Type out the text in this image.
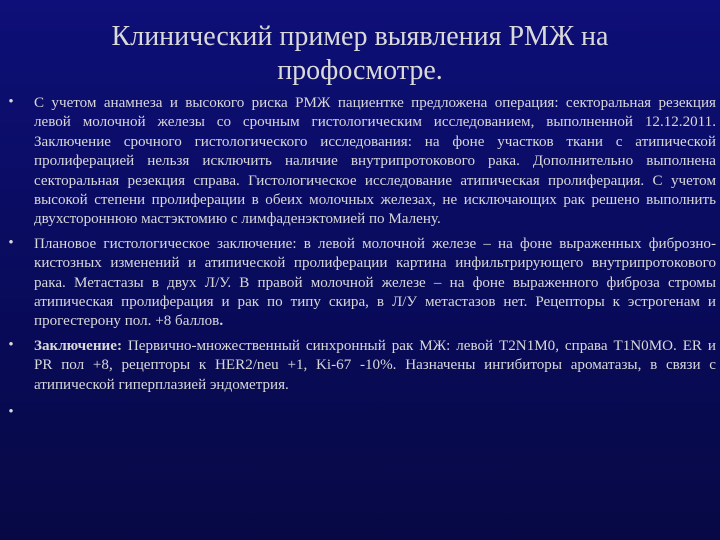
Клинический пример выявления РМЖ на
профосмотре.
• С учетом анамнеза и высокого риска РМЖ пациентке предложена операция: секторальная резекция левой молочной железы со срочным гистологическим исследованием, выполненной 12.12.2011. Заключение срочного гистологического исследования: на фоне участков ткани с атипической пролиферацией нельзя исключить наличие внутрипротокового рака. Дополнительно выполнена секторальная резекция справа. Гистологическое исследование атипическая пролиферация. С учетом высокой степени пролиферации в обеих молочных железах, не исключающих рак решено выполнить двухстороннюю мастэктомию с лимфаденэктомией по Малену.
• Плановое гистологическое заключение: в левой молочной железе – на фоне выраженных фиброзно-кистозных изменений и атипической пролиферации картина инфильтрирующего внутрипротокового рака. Метастазы в двух Л/У. В правой молочной железе – на фоне выраженного фиброза стромы атипическая пролиферация и рак по типу скира, в Л/У метастазов нет. Рецепторы к эстрогенам и прогестерону пол. +8 баллов.
• Заключение: Первично-множественный синхронный рак МЖ: левой T2N1M0, справа T1N0MO. ER и PR пол +8, рецепторы к HER2/neu +1, Ki-67 -10%. Назначены ингибиторы ароматазы, в связи с атипической гиперплазией эндометрия.
•
